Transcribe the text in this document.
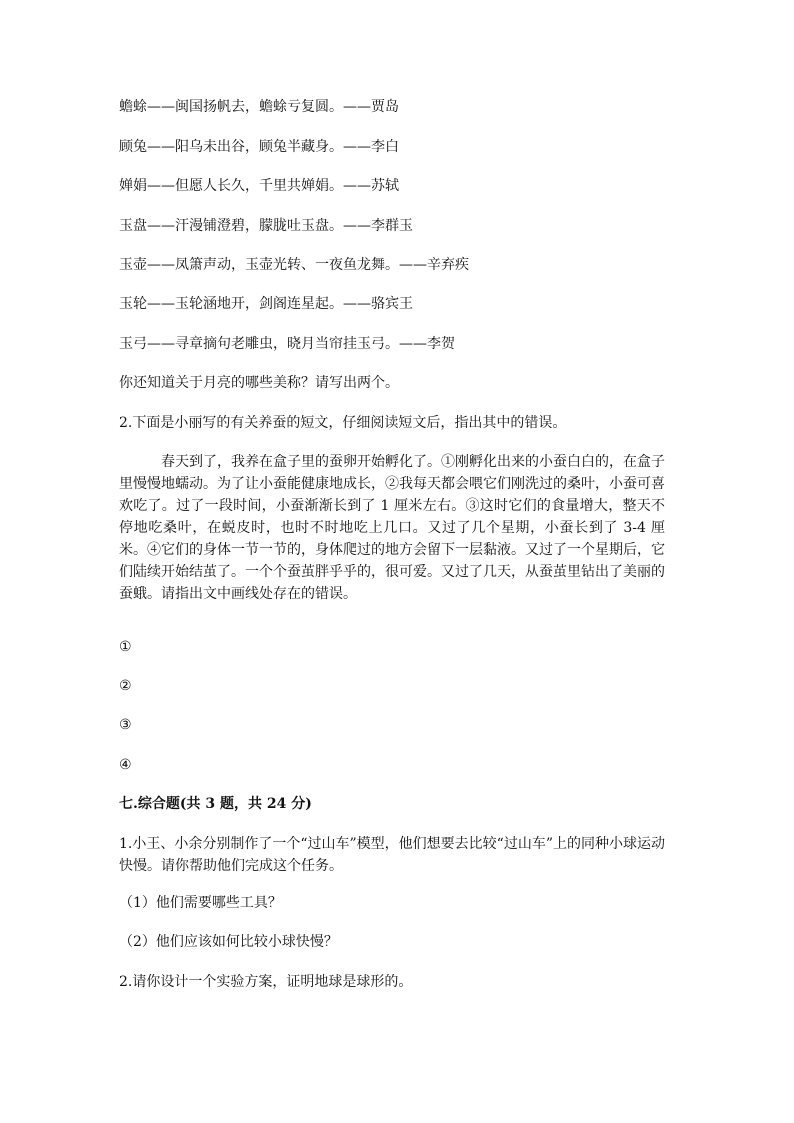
蟾蜍——闽国扬帆去，蟾蜍亏复圆。——贾岛
顾兔——阳乌未出谷，顾兔半藏身。——李白
婵娟——但愿人长久，千里共婵娟。——苏轼
玉盘——汗漫铺澄碧，朦胧吐玉盘。——李群玉
玉壶——凤箫声动，玉壶光转、一夜鱼龙舞。——辛弃疾
玉轮——玉轮涵地开，剑阁连星起。——骆宾王
玉弓——寻章摘句老雕虫，晓月当帘挂玉弓。——李贺
你还知道关于月亮的哪些美称？请写出两个。
2.下面是小丽写的有关养蚕的短文，仔细阅读短文后，指出其中的错误。
春天到了，我养在盒子里的蚕卵开始孵化了。①刚孵化出来的小蚕白白的，在盒子里慢慢地蠕动。为了让小蚕能健康地成长，②我每天都会喂它们刚洗过的桑叶，小蚕可喜欢吃了。过了一段时间，小蚕渐渐长到了 1 厘米左右。③这时它们的食量增大，整天不停地吃桑叶，在蜕皮时，也时不时地吃上几口。又过了几个星期，小蚕长到了 3-4 厘米。④它们的身体一节一节的，身体爬过的地方会留下一层黏液。又过了一个星期后，它们陆续开始结茧了。一个个蚕茧胖乎乎的，很可爱。又过了几天，从蚕茧里钻出了美丽的蚕蛾。请指出文中画线处存在的错误。
①
②
③
④
七.综合题(共 3 题，共 24 分)
1.小王、小余分别制作了一个“过山车”模型，他们想要去比较“过山车”上的同种小球运动快慢。请你帮助他们完成这个任务。
（1）他们需要哪些工具？
（2）他们应该如何比较小球快慢？
2.请你设计一个实验方案，证明地球是球形的。
